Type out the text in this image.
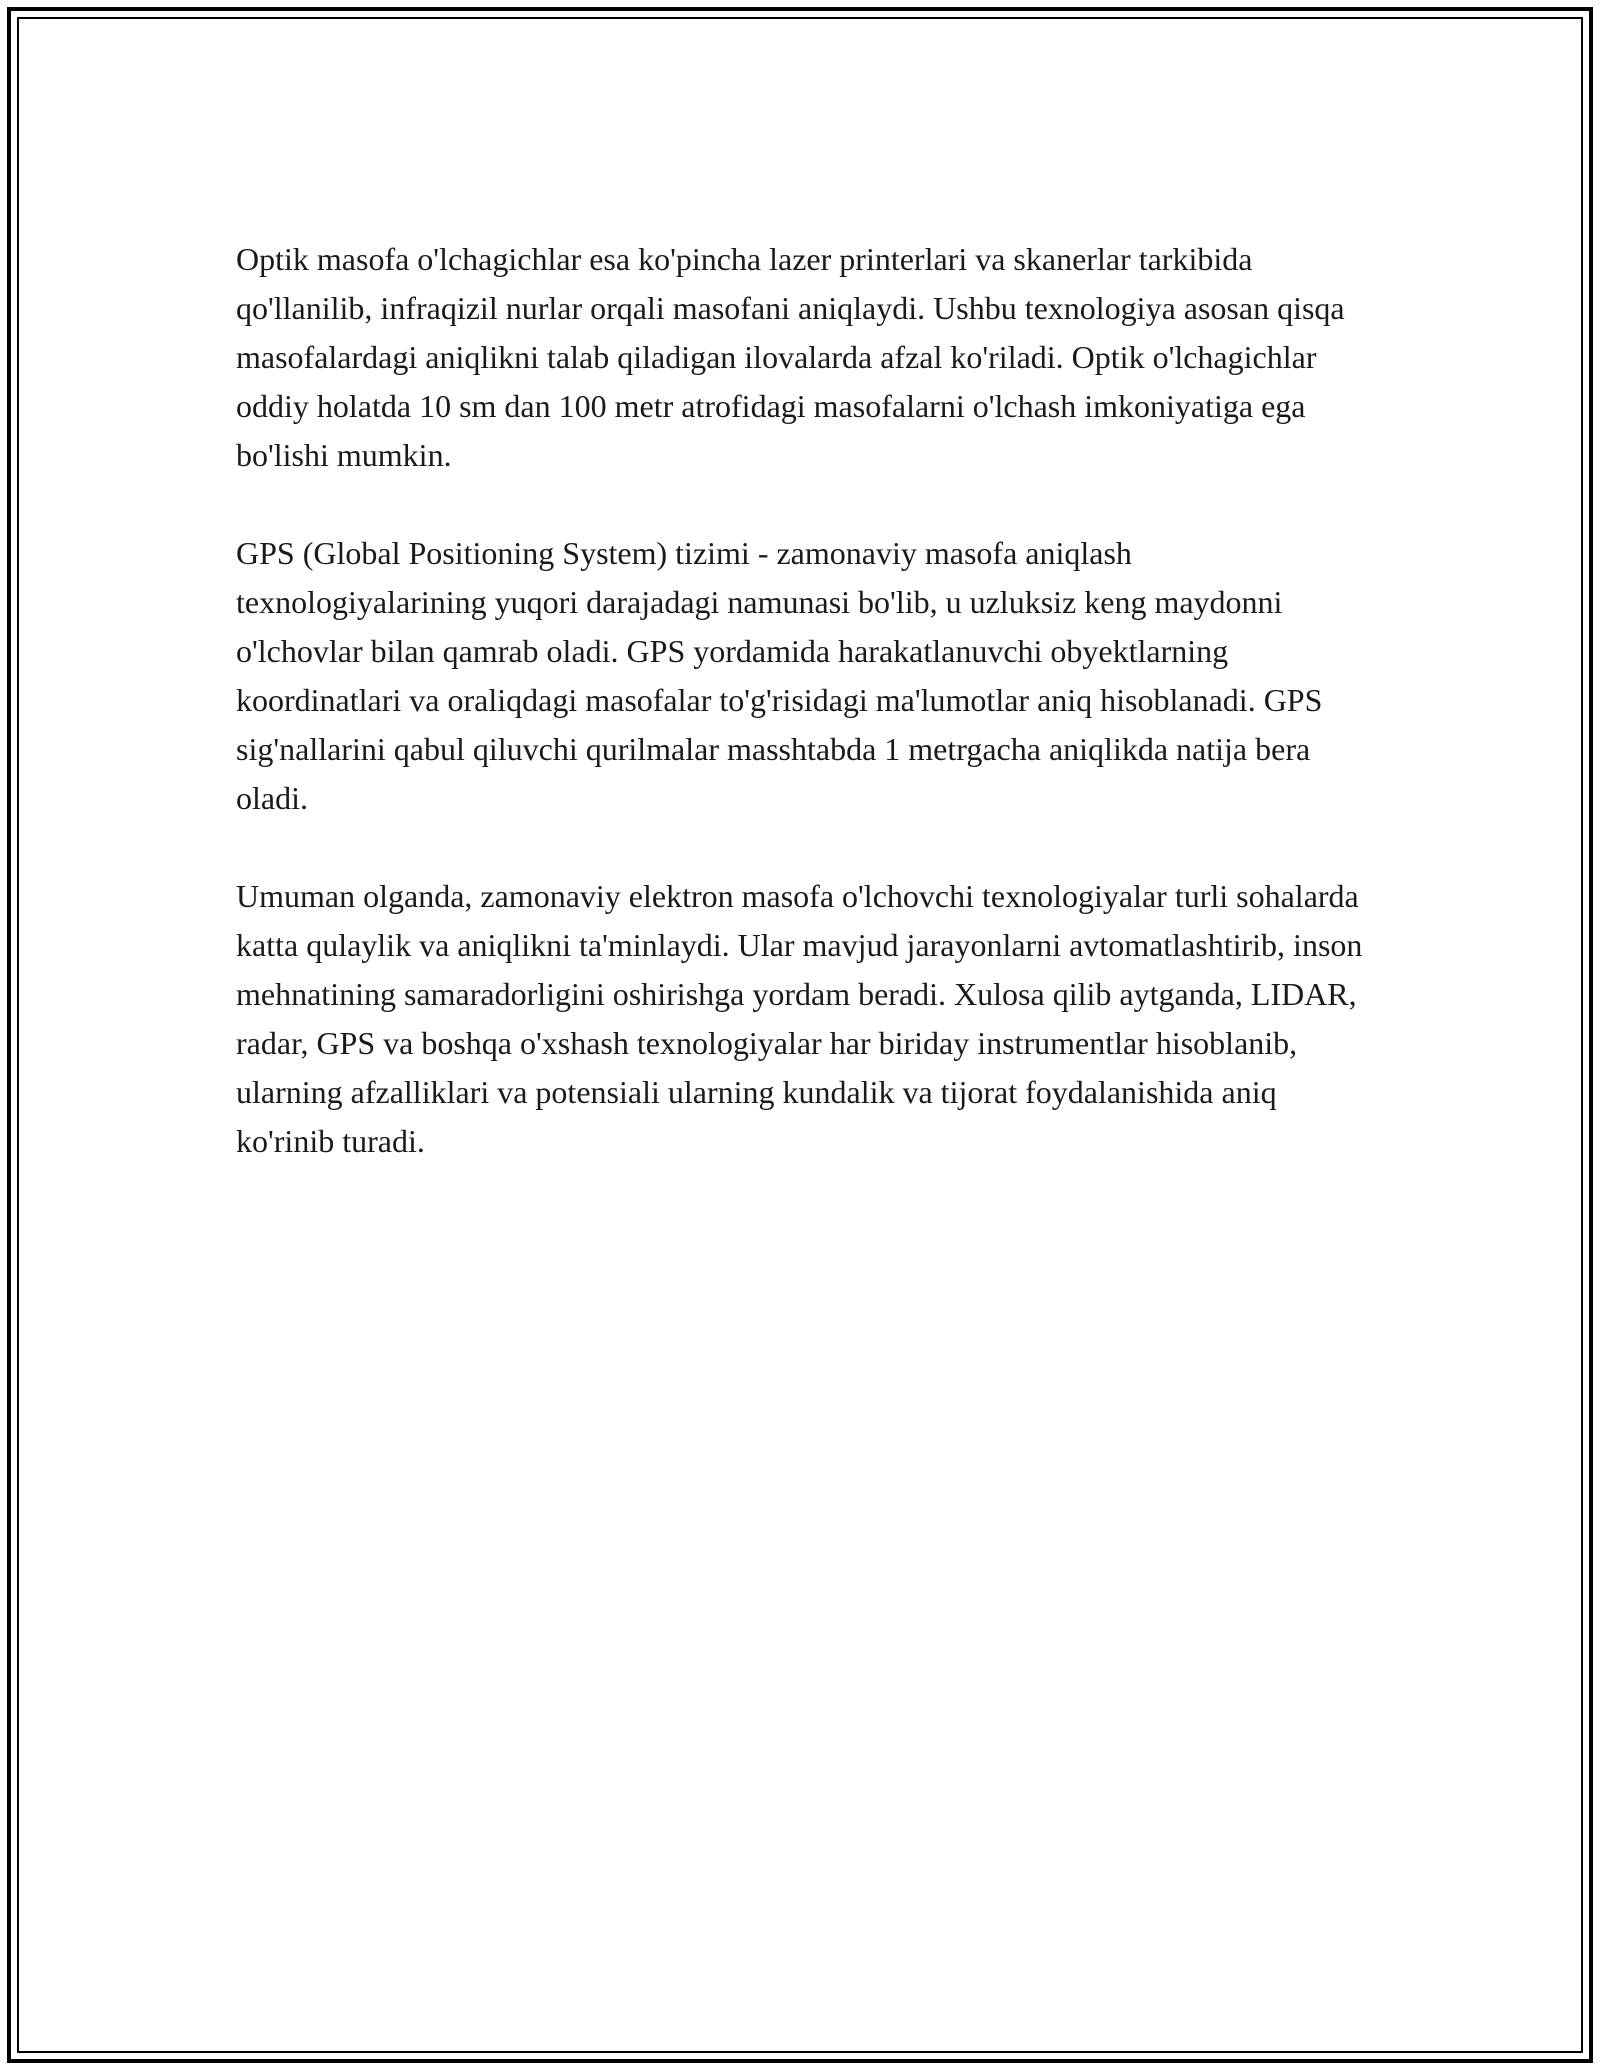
Optik masofa o'lchagichlar esa ko'pincha lazer printerlari va skanerlar tarkibida qo'llanilib, infraqizil nurlar orqali masofani aniqlaydi. Ushbu texnologiya asosan qisqa masofalardagi aniqlikni talab qiladigan ilovalarda afzal ko'riladi. Optik o'lchagichlar oddiy holatda 10 sm dan 100 metr atrofidagi masofalarni o'lchash imkoniyatiga ega bo'lishi mumkin.

GPS (Global Positioning System) tizimi - zamonaviy masofa aniqlash texnologiyalarining yuqori darajadagi namunasi bo'lib, u uzluksiz keng maydonni o'lchovlar bilan qamrab oladi. GPS yordamida harakatlanuvchi obyektlarning koordinatlari va oraliqdagi masofalar to'g'risidagi ma'lumotlar aniq hisoblanadi. GPS sig'nallarini qabul qiluvchi qurilmalar masshtabda 1 metrgacha aniqlikda natija bera oladi.

Umuman olganda, zamonaviy elektron masofa o'lchovchi texnologiyalar turli sohalarda katta qulaylik va aniqlikni ta'minlaydi. Ular mavjud jarayonlarni avtomatlashtirib, inson mehnatining samaradorligini oshirishga yordam beradi. Xulosa qilib aytganda, LIDAR, radar, GPS va boshqa o'xshash texnologiyalar har biriday instrumentlar hisoblanib, ularning afzalliklari va potensiali ularning kundalik va tijorat foydalanishida aniq ko'rinib turadi.
